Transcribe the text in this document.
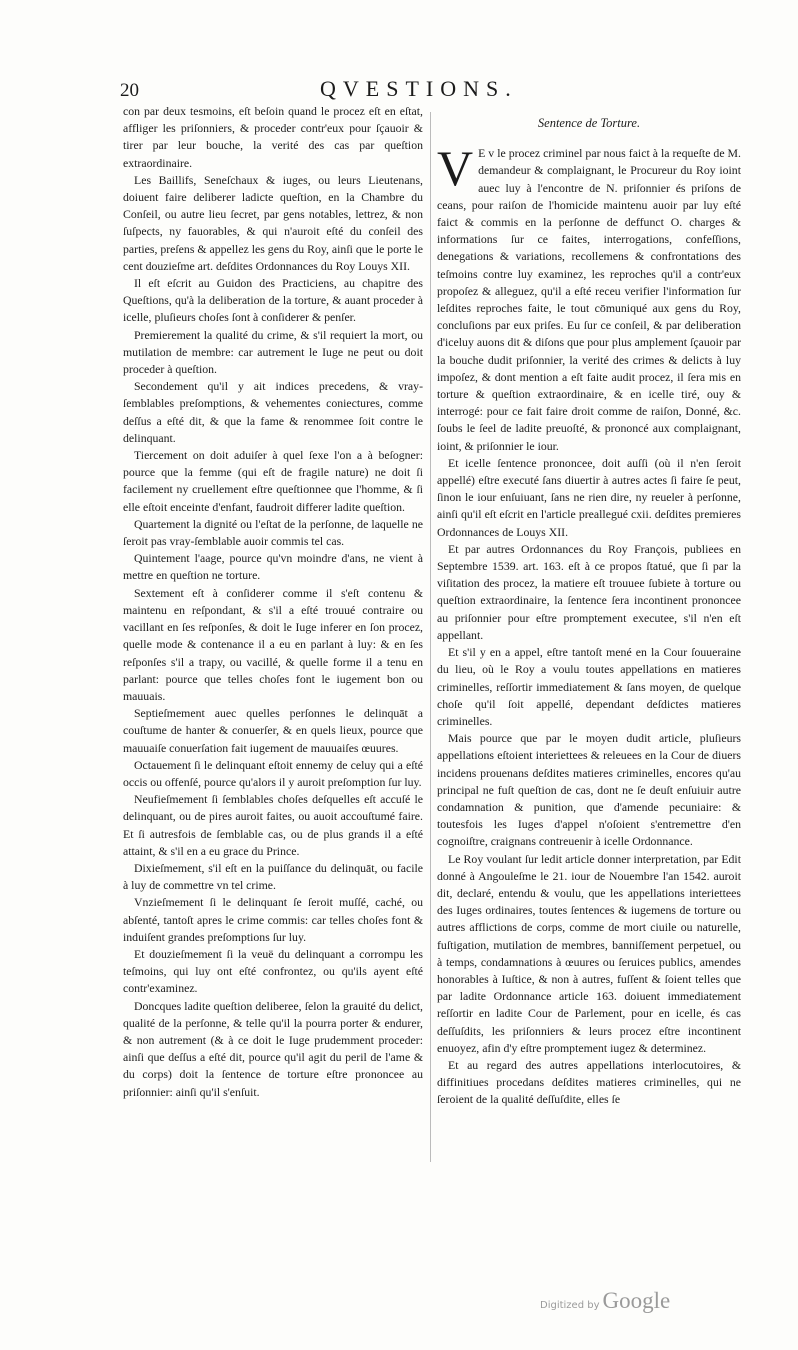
20	QVESTIONS.

con par deux tesmoins, eſt beſoin quand le procez eſt en eſtat, affliger les priſonniers, & proceder contr'eux pour ſçauoir & tirer par leur bouche, la verité des cas par queſtion extraordinaire.

Les Baillifs, Seneſchaux & iuges, ou leurs Lieutenans, doiuent faire deliberer ladicte queſtion, en la Chambre du Conſeil, ou autre lieu ſecret, par gens notables, lettrez, & non ſuſpects, ny fauorables, & qui n'auroit eſté du conſeil des parties, preſens & appellez les gens du Roy, ainſi que le porte le cent douzieſme art. deſdites Ordonnances du Roy Louys XII.

Il eſt eſcrit au Guidon des Practiciens, au chapitre des Queſtions, qu'à la deliberation de la torture, & auant proceder à icelle, pluſieurs choſes ſont à conſiderer & penſer.

Premierement la qualité du crime, & s'il requiert la mort, ou mutilation de membre: car autrement le Iuge ne peut ou doit proceder à queſtion.

Secondement qu'il y ait indices precedens, & vray-ſemblables preſomptions, & vehementes coniectures, comme deſſus a eſté dit, & que la fame & renommee ſoit contre le delinquant.

Tiercement on doit aduiſer à quel ſexe l'on a à beſogner: pource que la femme (qui eſt de fragile nature) ne doit ſi facilement ny cruellement eſtre queſtionnee que l'homme, & ſi elle eſtoit enceinte d'enfant, faudroit differer ladite queſtion.

Quartement la dignité ou l'eſtat de la perſonne, de laquelle ne ſeroit pas vray-ſemblable auoir commis tel cas.

Quintement l'aage, pource qu'vn moindre d'ans, ne vient à mettre en queſtion ne torture.

Sextement eſt à conſiderer comme il s'eſt contenu & maintenu en reſpondant, & s'il a eſté trouué contraire ou vacillant en ſes reſponſes, & doit le Iuge inferer en ſon procez, quelle mode & contenance il a eu en parlant à luy: & en ſes reſponſes s'il a trapy, ou vacillé, & quelle forme il a tenu en parlant: pource que telles choſes font le iugement bon ou mauuais.

Septieſmement auec quelles perſonnes le delinquāt a couſtume de hanter & conuerſer, & en quels lieux, pource que mauuaiſe conuerſation fait iugement de mauuaiſes œuures.

Octauement ſi le delinquant eſtoit ennemy de celuy qui a eſté occis ou offenſé, pource qu'alors il y auroit preſomption ſur luy.

Neufieſmement ſi ſemblables choſes deſquelles eſt accuſé le delinquant, ou de pires auroit faites, ou auoit accouſtumé faire. Et ſi autresfois de ſemblable cas, ou de plus grands il a eſté attaint, & s'il en a eu grace du Prince.

Dixieſmement, s'il eſt en la puiſſance du delinquāt, ou facile à luy de commettre vn tel crime.

Vnzieſmement ſi le delinquant ſe ſeroit muſſé, caché, ou abſenté, tantoſt apres le crime commis: car telles choſes font & induiſent grandes preſomptions ſur luy.

Et douzieſmement ſi la veuë du delinquant a corrompu les teſmoins, qui luy ont eſté confrontez, ou qu'ils ayent eſté contr'examinez.

Doncques ladite queſtion deliberee, ſelon la grauité du delict, qualité de la perſonne, & telle qu'il la pourra porter & endurer, & non autrement (& à ce doit le Iuge prudemment proceder: ainſi que deſſus a eſté dit, pource qu'il agit du peril de l'ame & du corps) doit la ſentence de torture eſtre prononcee au priſonnier: ainſi qu'il s'enſuit.

Sentence de Torture.

V E v le procez criminel par nous faict à la requeſte de M. demandeur & complaignant, le Procureur du Roy ioint auec luy à l'encontre de N. priſonnier és priſons de ceans, pour raiſon de l'homicide maintenu auoir par luy eſté faict & commis en la perſonne de deffunct O. charges & informations ſur ce faites, interrogations, confeſſions, denegations & variations, recollemens & confrontations des teſmoins contre luy examinez, les reproches qu'il a contr'eux propoſez & alleguez, qu'il a eſté receu verifier l'information ſur leſdites reproches faite, le tout cōmuniqué aux gens du Roy, concluſions par eux priſes. Eu ſur ce conſeil, & par deliberation d'iceluy auons dit & diſons que pour plus amplement ſçauoir par la bouche dudit priſonnier, la verité des crimes & delicts à luy impoſez, & dont mention a eſt faite audit procez, il ſera mis en torture & queſtion extraordinaire, & en icelle tiré, ouy & interrogé: pour ce fait faire droit comme de raiſon, Donné, &c. ſoubs le ſeel de ladite preuoſté, & prononcé aux complaignant, ioint, & priſonnier le iour.

Et icelle ſentence prononcee, doit auſſi (où il n'en ſeroit appellé) eſtre executé ſans diuertir à autres actes ſi faire ſe peut, ſinon le iour enſuiuant, ſans ne rien dire, ny reueler à perſonne, ainſi qu'il eſt eſcrit en l'article preallegué cxii. deſdites premieres Ordonnances de Louys XII.

Et par autres Ordonnances du Roy François, publiees en Septembre 1539. art. 163. eſt à ce propos ſtatué, que ſi par la viſitation des procez, la matiere eſt trouuee ſubiete à torture ou queſtion extraordinaire, la ſentence ſera incontinent prononcee au priſonnier pour eſtre promptement executee, s'il n'en eſt appellant.

Et s'il y en a appel, eſtre tantoſt mené en la Cour ſouueraine du lieu, où le Roy a voulu toutes appellations en matieres criminelles, reſſortir immediatement & ſans moyen, de quelque choſe qu'il ſoit appellé, dependant deſdictes matieres criminelles.

Mais pource que par le moyen dudit article, pluſieurs appellations eſtoient interiettees & releuees en la Cour de diuers incidens prouenans deſdites matieres criminelles, encores qu'au principal ne fuſt queſtion de cas, dont ne ſe deuſt enſuiuir autre condamnation & punition, que d'amende pecuniaire: & toutesfois les Iuges d'appel n'oſoient s'entremettre d'en cognoiſtre, craignans contreuenir à icelle Ordonnance.

Le Roy voulant ſur ledit article donner interpretation, par Edit donné à Angouleſme le 21. iour de Nouembre l'an 1542. auroit dit, declaré, entendu & voulu, que les appellations interiettees des Iuges ordinaires, toutes ſentences & iugemens de torture ou autres afflictions de corps, comme de mort ciuile ou naturelle, fuſtigation, mutilation de membres, banniſſement perpetuel, ou à temps, condamnations à œuures ou ſeruices publics, amendes honorables à Iuſtice, & non à autres, fuſſent & ſoient telles que par ladite Ordonnance article 163. doiuent immediatement reſſortir en ladite Cour de Parlement, pour en icelle, és cas deſſuſdits, les priſonniers & leurs procez eſtre incontinent enuoyez, afin d'y eſtre promptement iugez & determinez.

Et au regard des autres appellations interlocutoires, & diffinitiues procedans deſdites matieres criminelles, qui ne ſeroient de la qualité deſſuſdite, elles ſe

Digitized by Google
